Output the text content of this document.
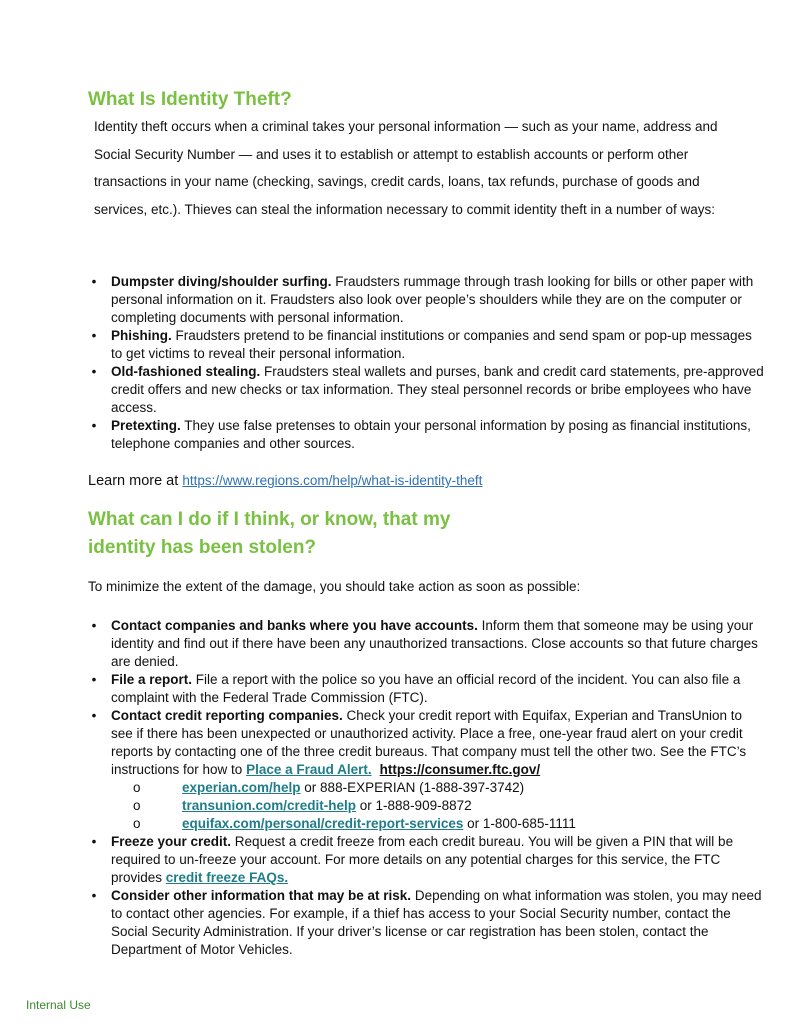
What Is Identity Theft?
Identity theft occurs when a criminal takes your personal information — such as your name, address and Social Security Number — and uses it to establish or attempt to establish accounts or perform other transactions in your name (checking, savings, credit cards, loans, tax refunds, purchase of goods and services, etc.). Thieves can steal the information necessary to commit identity theft in a number of ways:
• Dumpster diving/shoulder surfing. Fraudsters rummage through trash looking for bills or other paper with personal information on it. Fraudsters also look over people’s shoulders while they are on the computer or completing documents with personal information.
• Phishing. Fraudsters pretend to be financial institutions or companies and send spam or pop-up messages to get victims to reveal their personal information.
• Old-fashioned stealing. Fraudsters steal wallets and purses, bank and credit card statements, pre-approved credit offers and new checks or tax information. They steal personnel records or bribe employees who have access.
• Pretexting. They use false pretenses to obtain your personal information by posing as financial institutions, telephone companies and other sources.
Learn more at https://www.regions.com/help/what-is-identity-theft
What can I do if I think, or know, that my identity has been stolen?
To minimize the extent of the damage, you should take action as soon as possible:
• Contact companies and banks where you have accounts. Inform them that someone may be using your identity and find out if there have been any unauthorized transactions. Close accounts so that future charges are denied.
• File a report. File a report with the police so you have an official record of the incident. You can also file a complaint with the Federal Trade Commission (FTC).
• Contact credit reporting companies. Check your credit report with Equifax, Experian and TransUnion to see if there has been unexpected or unauthorized activity. Place a free, one-year fraud alert on your credit reports by contacting one of the three credit bureaus. That company must tell the other two. See the FTC’s instructions for how to Place a Fraud Alert. https://consumer.ftc.gov/
o	experian.com/help or 888-EXPERIAN (1-888-397-3742)
o	transunion.com/credit-help or 1-888-909-8872
o	equifax.com/personal/credit-report-services or 1-800-685-1111
• Freeze your credit. Request a credit freeze from each credit bureau. You will be given a PIN that will be required to un-freeze your account. For more details on any potential charges for this service, the FTC provides credit freeze FAQs.
• Consider other information that may be at risk. Depending on what information was stolen, you may need to contact other agencies. For example, if a thief has access to your Social Security number, contact the Social Security Administration. If your driver’s license or car registration has been stolen, contact the Department of Motor Vehicles.
Internal Use
